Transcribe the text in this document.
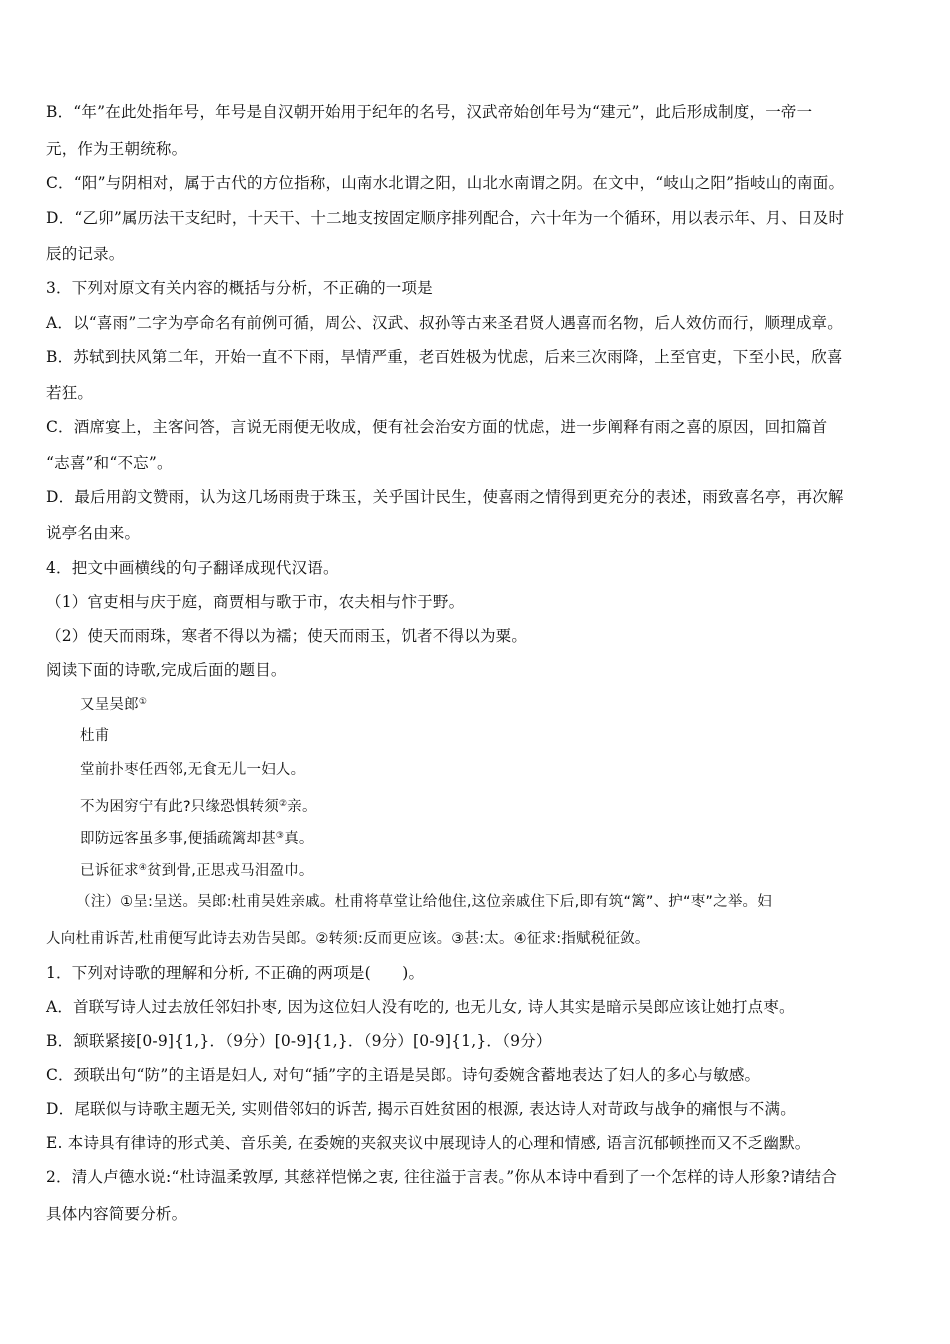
B．“年”在此处指年号，年号是自汉朝开始用于纪年的名号，汉武帝始创年号为“建元”，此后形成制度，一帝一
元，作为王朝统称。
C．“阳”与阴相对，属于古代的方位指称，山南水北谓之阳，山北水南谓之阴。在文中，“岐山之阳”指岐山的南面。
D．“乙卯”属历法干支纪时，十天干、十二地支按固定顺序排列配合，六十年为一个循环，用以表示年、月、日及时
辰的记录。
3．下列对原文有关内容的概括与分析，不正确的一项是
A．以“喜雨”二字为亭命名有前例可循，周公、汉武、叔孙等古来圣君贤人遇喜而名物，后人效仿而行，顺理成章。
B．苏轼到扶风第二年，开始一直不下雨，旱情严重，老百姓极为忧虑，后来三次雨降，上至官吏，下至小民，欣喜
若狂。
C．酒席宴上，主客问答，言说无雨便无收成，便有社会治安方面的忧虑，进一步阐释有雨之喜的原因，回扣篇首
“志喜”和“不忘”。
D．最后用韵文赞雨，认为这几场雨贵于珠玉，关乎国计民生，使喜雨之情得到更充分的表述，雨致喜名亭，再次解
说亭名由来。
4．把文中画横线的句子翻译成现代汉语。
（1）官吏相与庆于庭，商贾相与歌于市，农夫相与忭于野。
（2）使天而雨珠，寒者不得以为襦；使天而雨玉，饥者不得以为粟。
阅读下面的诗歌,完成后面的题目。
又呈吴郎①
杜甫
堂前扑枣任西邻,无食无儿一妇人。
不为困穷宁有此?只缘恐惧转须②亲。
即防远客虽多事,便插疏篱却甚③真。
已诉征求④贫到骨,正思戎马泪盈巾。
（注）①呈:呈送。吴郎:杜甫吴姓亲戚。杜甫将草堂让给他住,这位亲戚住下后,即有筑“篱”、护“枣”之举。妇
人向杜甫诉苦,杜甫便写此诗去劝告吴郎。②转须:反而更应该。③甚:太。④征求:指赋税征敛。
1．下列对诗歌的理解和分析, 不正确的两项是(　　)。
A．首联写诗人过去放任邻妇扑枣, 因为这位妇人没有吃的, 也无儿女, 诗人其实是暗示吴郎应该让她打点枣。
B．颔联紧接[0-9]{1,}．（9分）[0-9]{1,}．（9分）[0-9]{1,}．（9分）
C．颈联出句“防”的主语是妇人, 对句“插”字的主语是吴郎。诗句委婉含蓄地表达了妇人的多心与敏感。
D．尾联似与诗歌主题无关, 实则借邻妇的诉苦, 揭示百姓贫困的根源, 表达诗人对苛政与战争的痛恨与不满。
E. 本诗具有律诗的形式美、音乐美, 在委婉的夹叙夹议中展现诗人的心理和情感, 语言沉郁顿挫而又不乏幽默。
2．清人卢德水说:“杜诗温柔敦厚, 其慈祥恺悌之衷, 往往溢于言表。”你从本诗中看到了一个怎样的诗人形象?请结合
具体内容简要分析。
